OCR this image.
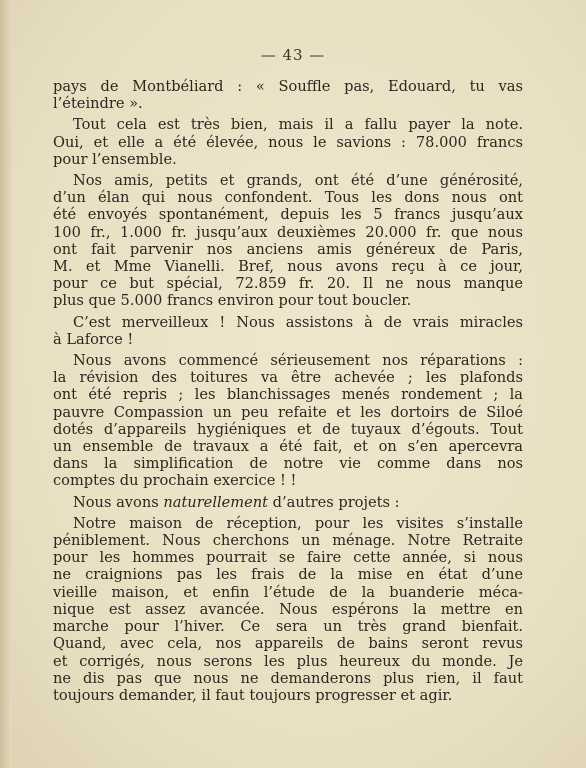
— 43 —
pays de Montbéliard : « Souffle pas, Edouard, tu vas
l’éteindre ».
Tout cela est très bien, mais il a fallu payer la note.
Oui, et elle a été élevée, nous le savions : 78.000 francs
pour l’ensemble.
Nos amis, petits et grands, ont été d’une générosité,
d’un élan qui nous confondent. Tous les dons nous ont
été envoyés spontanément, depuis les 5 francs jusqu’aux
100 fr., 1.000 fr. jusqu’aux deuxièmes 20.000 fr. que nous
ont fait parvenir nos anciens amis généreux de Paris,
M. et Mme Vianelli. Bref, nous avons reçu à ce jour,
pour ce but spécial, 72.859 fr. 20. Il ne nous manque
plus que 5.000 francs environ pour tout boucler.
C’est merveilleux ! Nous assistons à de vrais miracles
à Laforce !
Nous avons commencé sérieusement nos réparations :
la révision des toitures va être achevée ; les plafonds
ont été repris ; les blanchissages menés rondement ; la
pauvre Compassion un peu refaite et les dortoirs de Siloé
dotés d’appareils hygiéniques et de tuyaux d’égouts. Tout
un ensemble de travaux a été fait, et on s’en apercevra
dans la simplification de notre vie comme dans nos
comptes du prochain exercice ! !
Nous avons naturellement d’autres projets :
Notre maison de réception, pour les visites s’installe
péniblement. Nous cherchons un ménage. Notre Retraite
pour les hommes pourrait se faire cette année, si nous
ne craignions pas les frais de la mise en état d’une
vieille maison, et enfin l’étude de la buanderie méca-
nique est assez avancée. Nous espérons la mettre en
marche pour l’hiver. Ce sera un très grand bienfait.
Quand, avec cela, nos appareils de bains seront revus
et corrigés, nous serons les plus heureux du monde. Je
ne dis pas que nous ne demanderons plus rien, il faut
toujours demander, il faut toujours progresser et agir.
